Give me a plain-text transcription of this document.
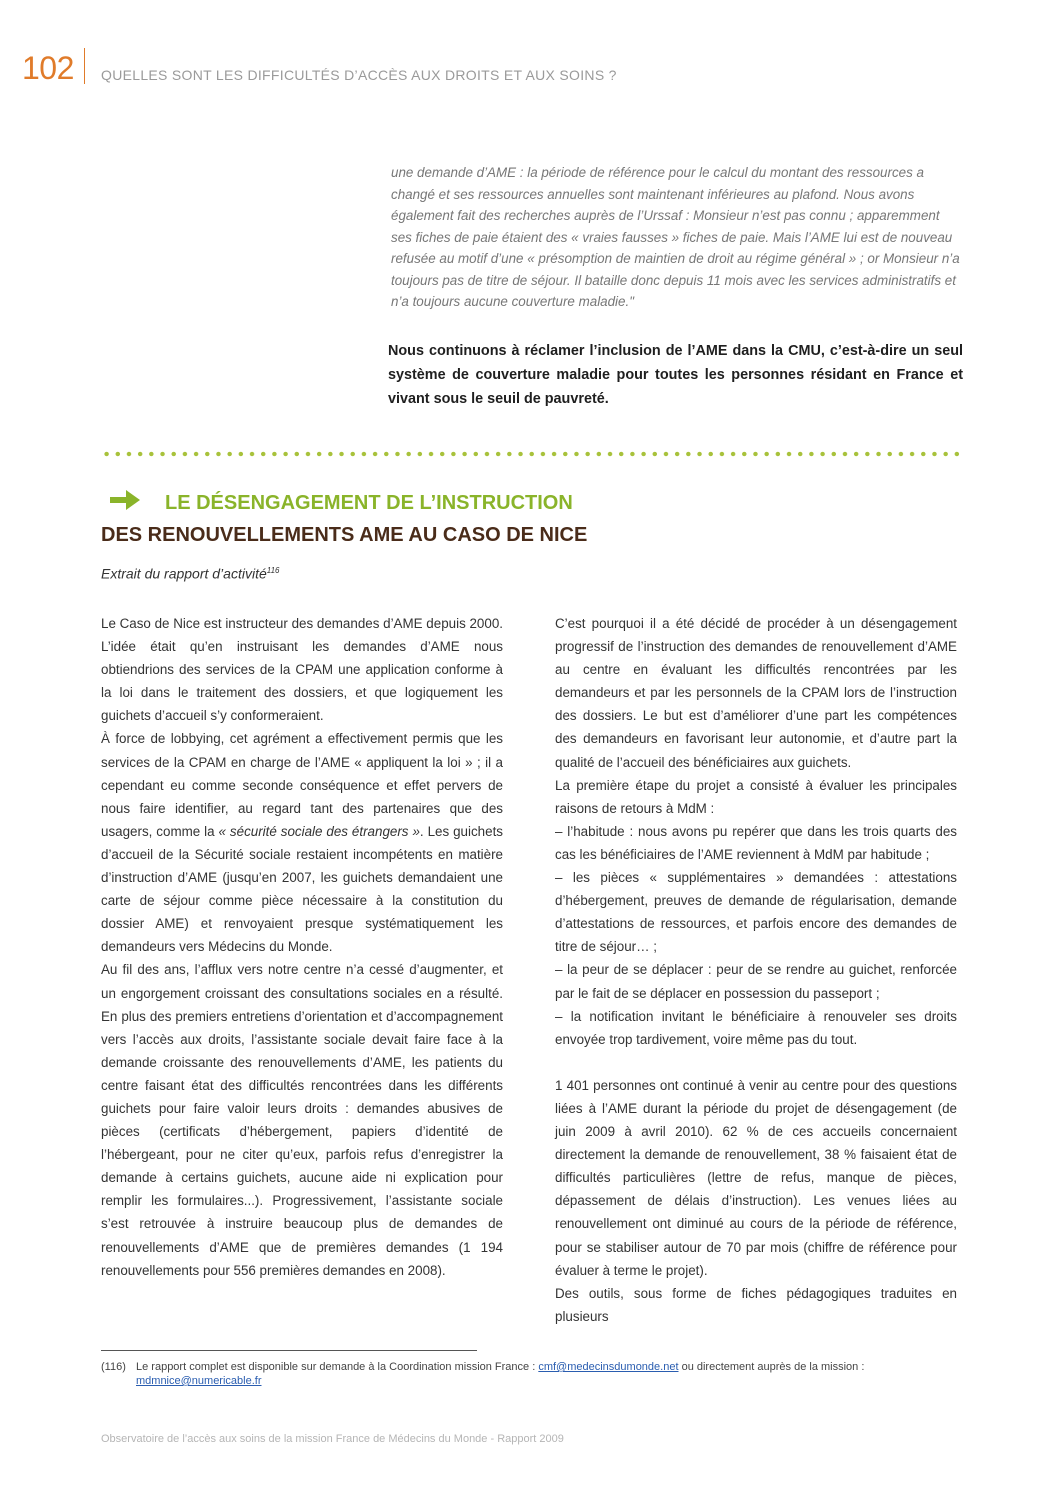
102 QUELLES SONT LES DIFFICULTÉS D’ACCÈS AUX DROITS ET AUX SOINS ?

une demande d’AME : la période de référence pour le calcul du montant des ressources a changé et ses ressources annuelles sont maintenant inférieures au plafond. Nous avons également fait des recherches auprès de l’Urssaf : Monsieur n’est pas connu ; apparemment ses fiches de paie étaient des « vraies fausses » fiches de paie. Mais l’AME lui est de nouveau refusée au motif d’une « présomption de maintien de droit au régime général » ; or Monsieur n’a toujours pas de titre de séjour. Il bataille donc depuis 11 mois avec les services administratifs et n’a toujours aucune couverture maladie."

Nous continuons à réclamer l’inclusion de l’AME dans la CMU, c’est-à-dire un seul système de couverture maladie pour toutes les personnes résidant en France et vivant sous le seuil de pauvreté.
LE DÉSENGAGEMENT DE L’INSTRUCTION
DES RENOUVELLEMENTS AME AU CASO DE NICE
Extrait du rapport d’activité$^{116}$

Le Caso de Nice est instructeur des demandes d’AME depuis 2000. L’idée était qu’en instruisant les demandes d’AME nous obtiendrions des services de la CPAM une application conforme à la loi dans le traitement des dossiers, et que logiquement les guichets d’accueil s’y conformeraient.

À force de lobbying, cet agrément a effectivement permis que les services de la CPAM en charge de l’AME « appliquent la loi » ; il a cependant eu comme seconde conséquence et effet pervers de nous faire identifier, au regard tant des partenaires que des usagers, comme la « sécurité sociale des étrangers ». Les guichets d’accueil de la Sécurité sociale restaient incompétents en matière d’instruction d’AME (jusqu’en 2007, les guichets demandaient une carte de séjour comme pièce nécessaire à la constitution du dossier AME) et renvoyaient presque systématiquement les demandeurs vers Médecins du Monde.

Au fil des ans, l’afflux vers notre centre n’a cessé d’augmenter, et un engorgement croissant des consultations sociales en a résulté. En plus des premiers entretiens d’orientation et d’accompagnement vers l’accès aux droits, l’assistante sociale devait faire face à la demande croissante des renouvellements d’AME, les patients du centre faisant état des difficultés rencontrées dans les différents guichets pour faire valoir leurs droits : demandes abusives de pièces (certificats d’hébergement, papiers d’identité de l’hébergeant, pour ne citer qu’eux, parfois refus d’enregistrer la demande à certains guichets, aucune aide ni explication pour remplir les formulaires...). Progressivement, l’assistante sociale s’est retrouvée à instruire beaucoup plus de demandes de renouvellements d’AME que de premières demandes (1 194 renouvellements pour 556 premières demandes en 2008).

C’est pourquoi il a été décidé de procéder à un désengagement progressif de l’instruction des demandes de renouvellement d’AME au centre en évaluant les difficultés rencontrées par les demandeurs et par les personnels de la CPAM lors de l’instruction des dossiers. Le but est d’améliorer d’une part les compétences des demandeurs en favorisant leur autonomie, et d’autre part la qualité de l’accueil des bénéficiaires aux guichets.

La première étape du projet a consisté à évaluer les principales raisons de retours à MdM :

– l’habitude : nous avons pu repérer que dans les trois quarts des cas les bénéficiaires de l’AME reviennent à MdM par habitude ;

– les pièces « supplémentaires » demandées : attestations d’hébergement, preuves de demande de régularisation, demande d’attestations de ressources, et parfois encore des demandes de titre de séjour… ;

– la peur de se déplacer : peur de se rendre au guichet, renforcée par le fait de se déplacer en possession du passeport ;

– la notification invitant le bénéficiaire à renouveler ses droits envoyée trop tardivement, voire même pas du tout.

1 401 personnes ont continué à venir au centre pour des questions liées à l’AME durant la période du projet de désengagement (de juin 2009 à avril 2010). 62 % de ces accueils concernaient directement la demande de renouvellement, 38 % faisaient état de difficultés particulières (lettre de refus, manque de pièces, dépassement de délais d’instruction). Les venues liées au renouvellement ont diminué au cours de la période de référence, pour se stabiliser autour de 70 par mois (chiffre de référence pour évaluer à terme le projet).

Des outils, sous forme de fiches pédagogiques traduites en plusieurs

(116) Le rapport complet est disponible sur demande à la Coordination mission France : cmf@medecinsdumonde.net ou directement auprès de la mission :
mdmnice@numericable.fr
Observatoire de l’accès aux soins de la mission France de Médecins du Monde - Rapport 2009
